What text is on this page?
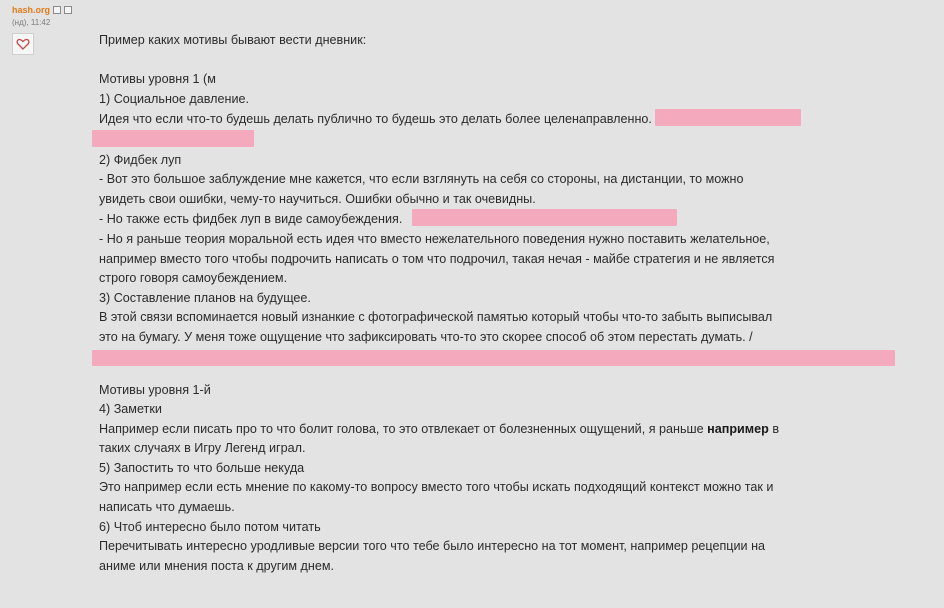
hash.org
(нд), 11:42
Пример каких мотивы бывают вести дневник:
Мотивы уровня 1 (м
1) Социальное давление.
Идея что если что-то будешь делать публично то будешь это делать более целенаправленно.
2) Фидбек луп
- Вот это большое заблуждение мне кажется, что если взглянуть на себя со стороны, на дистанции, то можно
увидеть свои ошибки, чему-то научиться. Ошибки обычно и так очевидны.
- Но также есть фидбек луп в виде самоубеждения.
- Но я раньше теория моральной есть идея что вместо нежелательного поведения нужно поставить желательное,
например вместо того чтобы подрочить написать о том что подрочил, такая нечая - майбе стратегия и не является
строго говоря самоубеждением.
3) Составление планов на будущее.
В этой связи вспоминается новый изнанкие с фотографической памятью который чтобы что-то забыть выписывал
это на бумагу. У меня тоже ощущение что зафиксировать что-то это скорее способ об этом перестать думать. /
Мотивы уровня 1-й
4) Заметки
Например если писать про то что болит голова, то это отвлекает от болезненных ощущений, я раньше например в
таких случаях в Игру Легенд играл.
5) Запостить то что больше некуда
Это например если есть мнение по какому-то вопросу вместо того чтобы искать подходящий контекст можно так и
написать что думаешь.
6) Чтоб интересно было потом читать
Перечитывать интересно уродливые версии того что тебе было интересно на тот момент, например рецепции на
аниме или мнения поста к другим днем.
